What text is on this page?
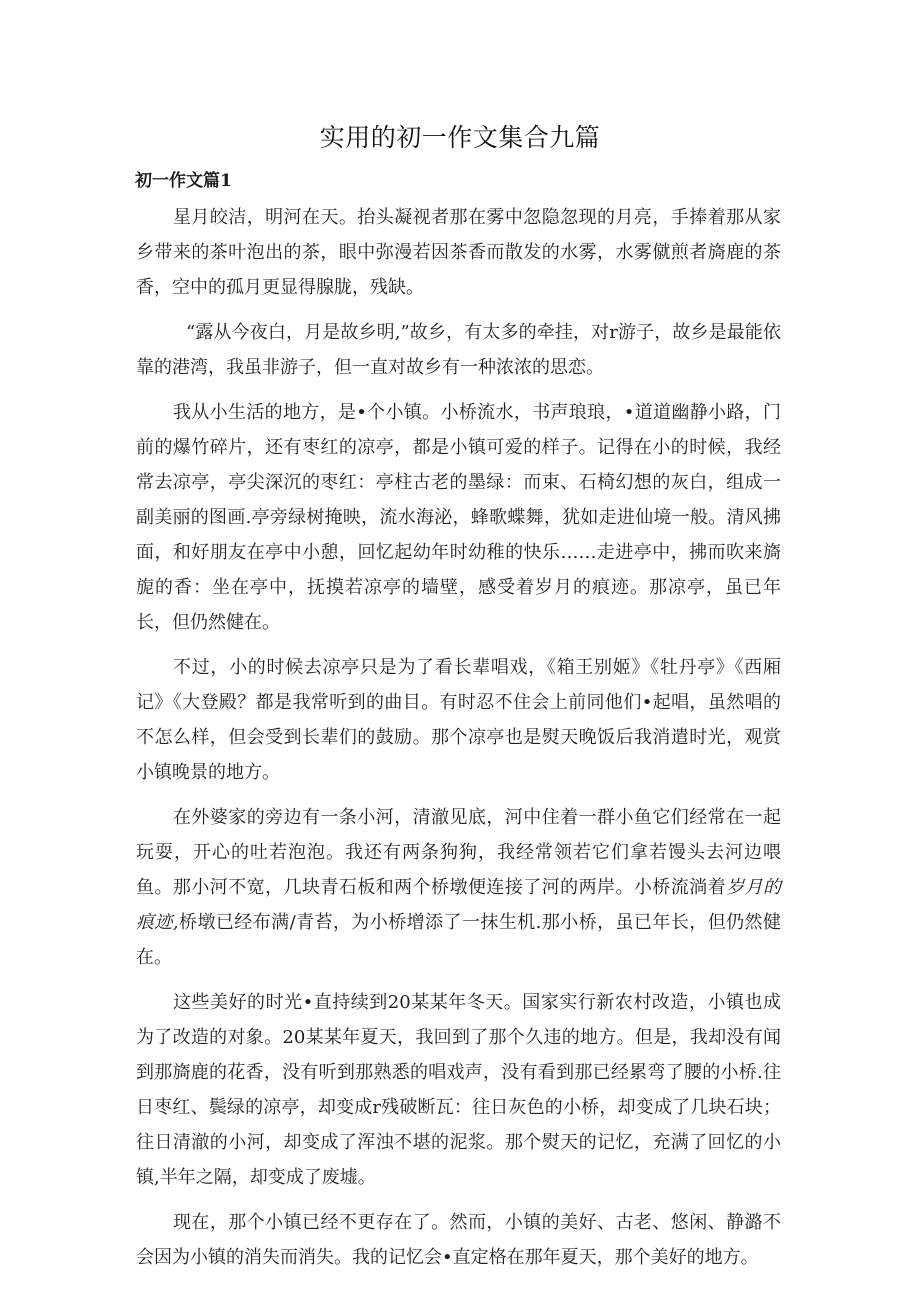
实用的初一作文集合九篇
初一作文篇1

星月皎洁，明河在天。抬头凝视者那在雾中忽隐忽现的月亮，手捧着那从家乡带来的茶叶泡出的茶，眼中弥漫若因茶香而散发的水雾，水雾僦煎者旖鹿的茶香，空中的孤月更显得腺胧，残缺。

“露从今夜白，月是故乡明,”故乡，有太多的牵挂，对r游子，故乡是最能依靠的港湾，我虽非游子，但一直对故乡有一种浓浓的思恋。

我从小生活的地方，是•个小镇。小桥流水，书声琅琅，•道道幽静小路，门前的爆竹碎片，还有枣红的凉亭，都是小镇可爱的样子。记得在小的时候，我经常去凉亭，亭尖深沉的枣红：亭柱古老的墨绿：而束、石椅幻想的灰白，组成一副美丽的图画.亭旁绿树掩映，流水海泌，蜂歌蝶舞，犹如走进仙境一般。清风拂面，和好朋友在亭中小憩，回忆起幼年时幼稚的快乐……走进亭中，拂而吹来旖旎的香：坐在亭中，抚摸若凉亭的墙壁，感受着岁月的痕迹。那凉亭，虽已年长，但仍然健在。

不过，小的时候去凉亭只是为了看长辈唱戏，《箱王别姬》《牡丹亭》《西厢记》《大登殿？都是我常听到的曲目。有时忍不住会上前同他们•起唱，虽然唱的不怎么样，但会受到长辈们的鼓励。那个凉亭也是熨天晚饭后我消遣时光，观赏小镇晚景的地方。

在外婆家的旁边有一条小河，清澈见底，河中住着一群小鱼它们经常在一起玩耍，开心的吐若泡泡。我还有两条狗狗，我经常领若它们拿若馒头去河边喂鱼。那小河不宽，几块青石板和两个桥墩便连接了河的两岸。小桥流淌着岁月的痕迹,桥墩已经布满/青苔，为小桥增添了一抹生机.那小桥，虽已年长，但仍然健在。

这些美好的时光•直持续到20某某年冬天。国家实行新农村改造，小镇也成为了改造的对象。20某某年夏天，我回到了那个久违的地方。但是，我却没有闻到那旖鹿的花香，没有听到那熟悉的唱戏声，没有看到那已经累弯了腰的小桥.往日枣红、鬓绿的凉亭，却变成r残破断瓦：往日灰色的小桥，却变成了几块石块；往日清澈的小河，却变成了浑浊不堪的泥浆。那个熨天的记忆，充满了回忆的小镇,半年之隔，却变成了废墟。

现在，那个小镇已经不更存在了。然而，小镇的美好、古老、悠闲、静潞不会因为小镇的消失而消失。我的记忆会•直定格在那年夏天，那个美好的地方。
